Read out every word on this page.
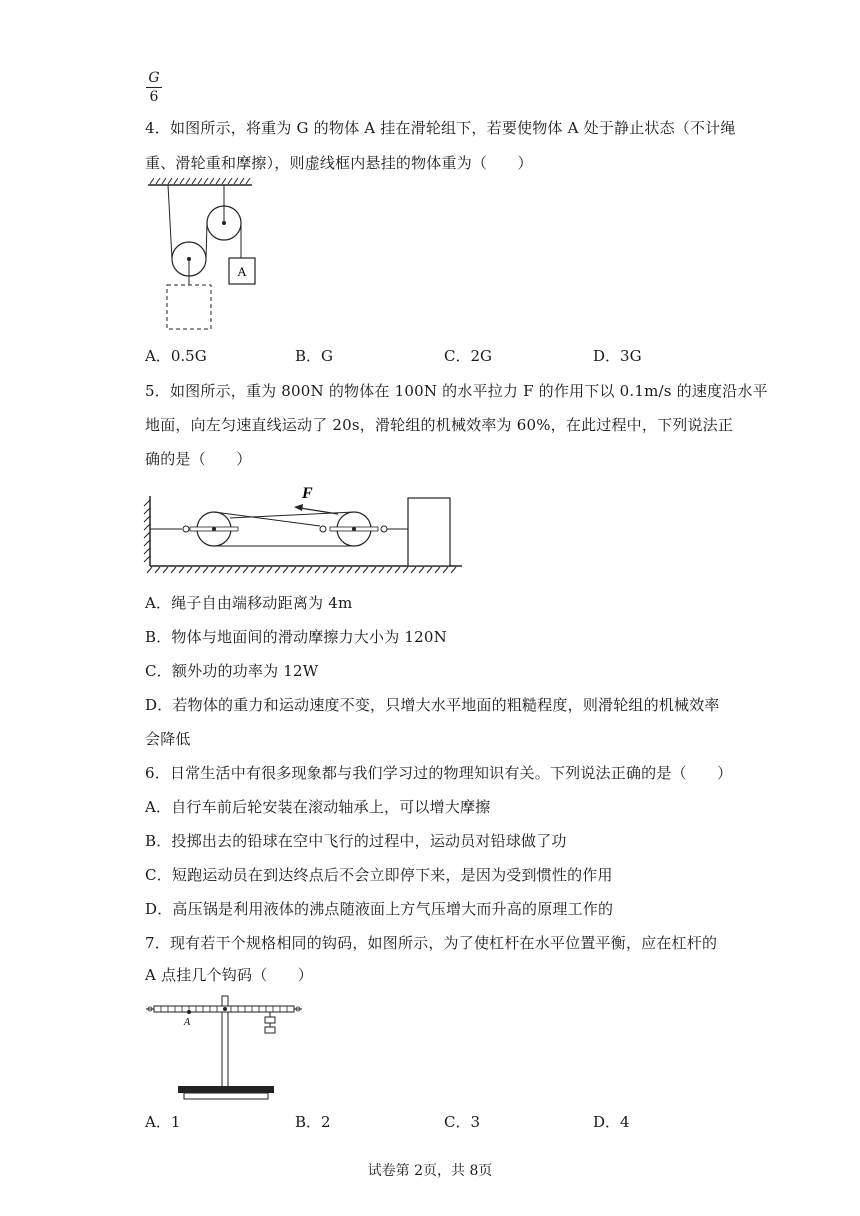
$\frac{G}{6}$
4．如图所示，将重为 G 的物体 A 挂在滑轮组下，若要使物体 A 处于静止状态（不计绳
重、滑轮重和摩擦），则虚线框内悬挂的物体重为（　　）
A
A．0.5G	B．G	C．2G	D．3G
5．如图所示，重为 800N 的物体在 100N 的水平拉力 F 的作用下以 0.1m/s 的速度沿水平
地面，向左匀速直线运动了 20s，滑轮组的机械效率为 60%，在此过程中，下列说法正
确的是（　　）
F
A．绳子自由端移动距离为 4m
B．物体与地面间的滑动摩擦力大小为 120N
C．额外功的功率为 12W
D．若物体的重力和运动速度不变，只增大水平地面的粗糙程度，则滑轮组的机械效率
会降低
6．日常生活中有很多现象都与我们学习过的物理知识有关。下列说法正确的是（　　）
A．自行车前后轮安装在滚动轴承上，可以增大摩擦
B．投掷出去的铅球在空中飞行的过程中，运动员对铅球做了功
C．短跑运动员在到达终点后不会立即停下来，是因为受到惯性的作用
D．高压锅是利用液体的沸点随液面上方气压增大而升高的原理工作的
7．现有若干个规格相同的钩码，如图所示，为了使杠杆在水平位置平衡，应在杠杆的
A 点挂几个钩码（　　）
A
A．1	B．2	C．3	D．4
试卷第 2页，共 8页
